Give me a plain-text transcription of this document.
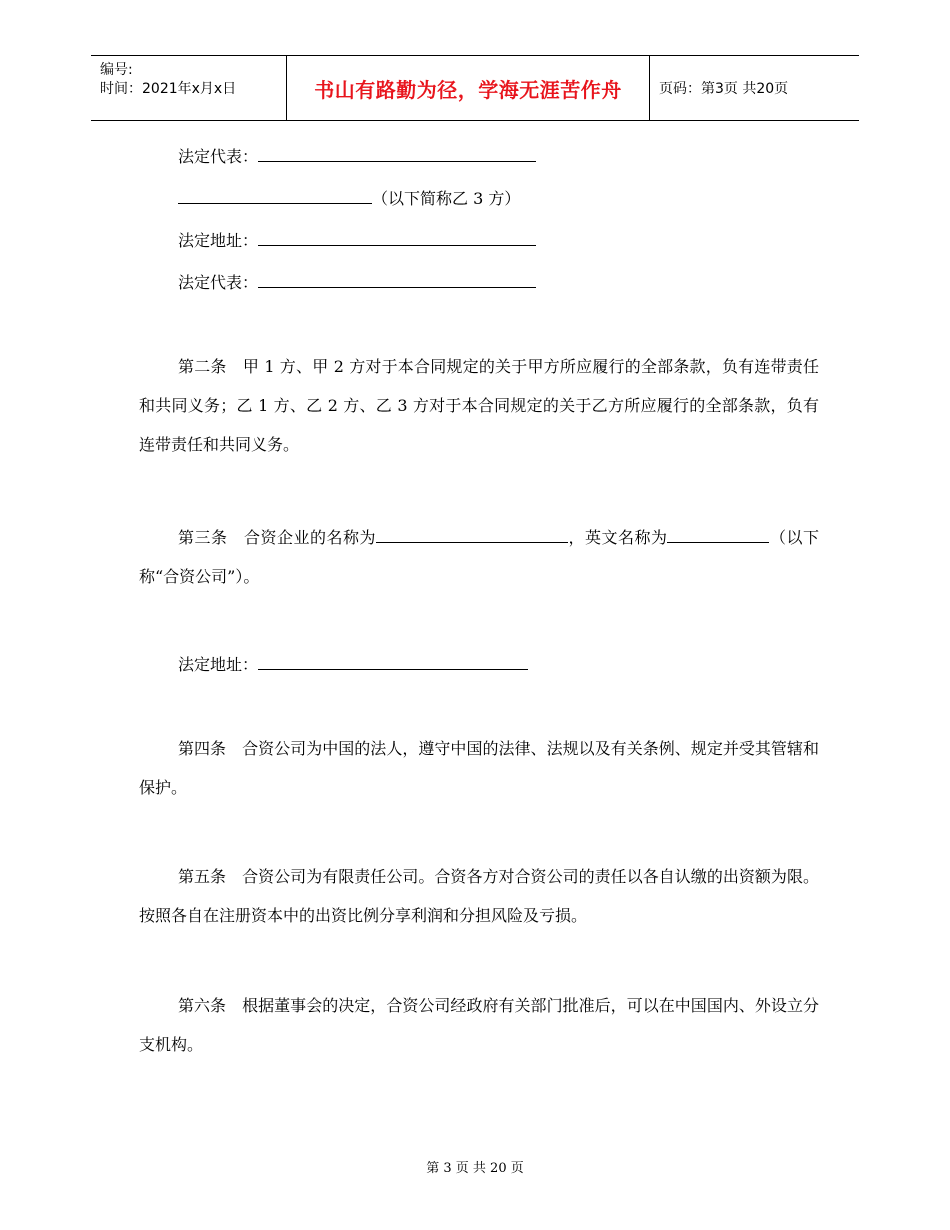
编号:
时间：2021年x月x日	书山有路勤为径，学海无涯苦作舟	页码：第3页 共20页
法定代表：
（以下简称乙 3 方）
法定地址：
法定代表：
第二条　甲 1 方、甲 2 方对于本合同规定的关于甲方所应履行的全部条款，负有连带责任和共同义务；乙 1 方、乙 2 方、乙 3 方对于本合同规定的关于乙方所应履行的全部条款，负有连带责任和共同义务。
第三条　合资企业的名称为	，英文名称为	（以下称“合资公司”）。
法定地址：
第四条　合资公司为中国的法人，遵守中国的法律、法规以及有关条例、规定并受其管辖和保护。
第五条　合资公司为有限责任公司。合资各方对合资公司的责任以各自认缴的出资额为限。按照各自在注册资本中的出资比例分享利润和分担风险及亏损。
第六条　根据董事会的决定，合资公司经政府有关部门批准后，可以在中国国内、外设立分支机构。
第 3 页 共 20 页
